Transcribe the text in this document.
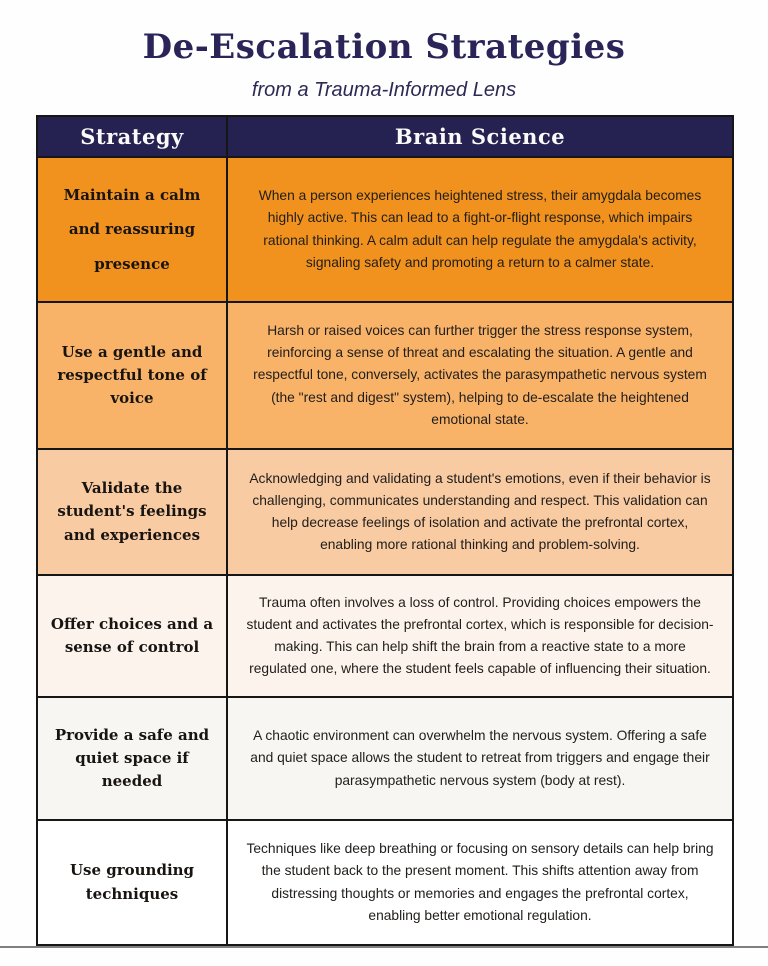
De-Escalation Strategies
from a Trauma-Informed Lens
Strategy	Brain Science
Maintain a calm and reassuring presence	When a person experiences heightened stress, their amygdala becomes highly active. This can lead to a fight-or-flight response, which impairs rational thinking. A calm adult can help regulate the amygdala's activity, signaling safety and promoting a return to a calmer state.
Use a gentle and respectful tone of voice	Harsh or raised voices can further trigger the stress response system, reinforcing a sense of threat and escalating the situation. A gentle and respectful tone, conversely, activates the parasympathetic nervous system (the "rest and digest" system), helping to de-escalate the heightened emotional state.
Validate the student's feelings and experiences	Acknowledging and validating a student's emotions, even if their behavior is challenging, communicates understanding and respect. This validation can help decrease feelings of isolation and activate the prefrontal cortex, enabling more rational thinking and problem-solving.
Offer choices and a sense of control	Trauma often involves a loss of control. Providing choices empowers the student and activates the prefrontal cortex, which is responsible for decision-making. This can help shift the brain from a reactive state to a more regulated one, where the student feels capable of influencing their situation.
Provide a safe and quiet space if needed	A chaotic environment can overwhelm the nervous system. Offering a safe and quiet space allows the student to retreat from triggers and engage their parasympathetic nervous system (body at rest).
Use grounding techniques	Techniques like deep breathing or focusing on sensory details can help bring the student back to the present moment. This shifts attention away from distressing thoughts or memories and engages the prefrontal cortex, enabling better emotional regulation.
